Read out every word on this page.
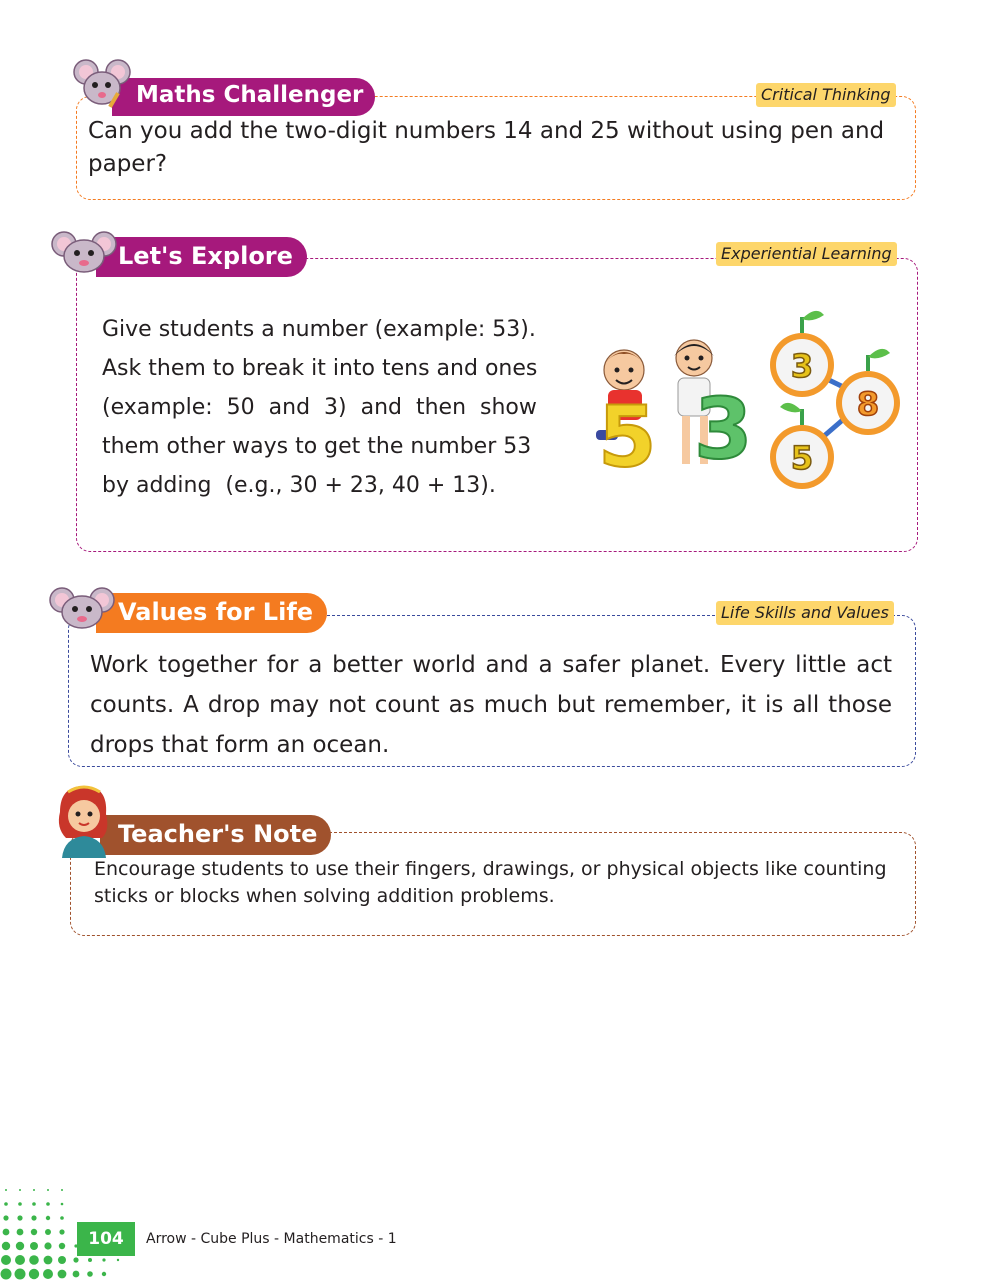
Maths Challenger	Critical Thinking
Can you add the two-digit numbers 14 and 25 without using pen and paper?
Let's Explore	Experiential Learning
Give students a number (example: 53).
Ask them to break it into tens and ones
(example:  50  and  3)  and  then  show
them other ways to get the number 53
by adding  (e.g., 30 + 23, 40 + 13).	5 3
3
8
5
Values for Life	Life Skills and Values
Work together for a better world and a safer planet. Every little act counts. A drop may not count as much but remember, it is all those drops that form an ocean.
Teacher's Note
Encourage students to use their fingers, drawings, or physical objects like counting sticks or blocks when solving addition problems.
104	Arrow - Cube Plus - Mathematics - 1
